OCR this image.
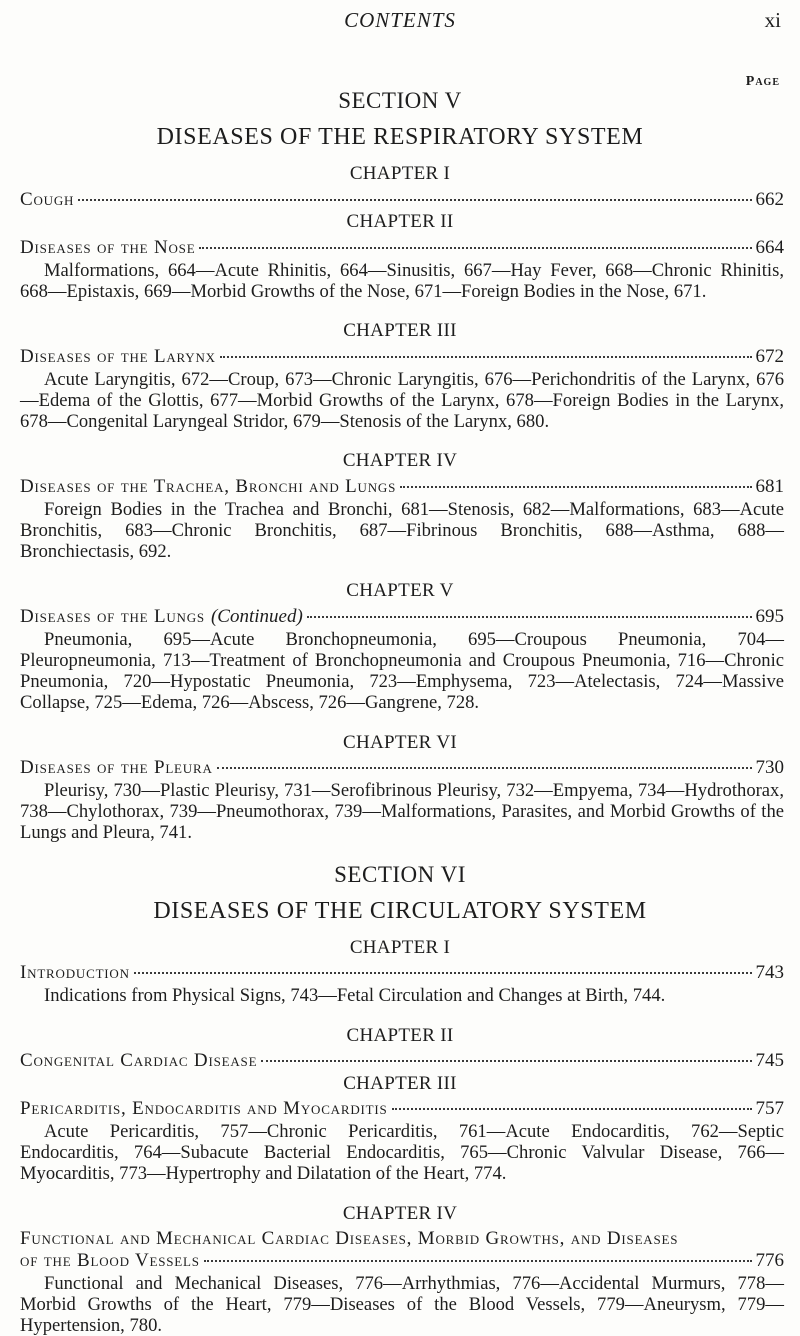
CONTENTS	xi
Page
SECTION V
DISEASES OF THE RESPIRATORY SYSTEM
CHAPTER I
Cough	662
CHAPTER II
Diseases of the Nose	664
Malformations, 664—Acute Rhinitis, 664—Sinusitis, 667—Hay Fever, 668—Chronic Rhinitis, 668—Epistaxis, 669—Morbid Growths of the Nose, 671—Foreign Bodies in the Nose, 671.
CHAPTER III
Diseases of the Larynx	672
Acute Laryngitis, 672—Croup, 673—Chronic Laryngitis, 676—Perichondritis of the Larynx, 676—Edema of the Glottis, 677—Morbid Growths of the Larynx, 678—Foreign Bodies in the Larynx, 678—Congenital Laryngeal Stridor, 679—Stenosis of the Larynx, 680.
CHAPTER IV
Diseases of the Trachea, Bronchi and Lungs	681
Foreign Bodies in the Trachea and Bronchi, 681—Stenosis, 682—Malformations, 683—Acute Bronchitis, 683—Chronic Bronchitis, 687—Fibrinous Bronchitis, 688—Asthma, 688—Bronchiectasis, 692.
CHAPTER V
Diseases of the Lungs (Continued)	695
Pneumonia, 695—Acute Bronchopneumonia, 695—Croupous Pneumonia, 704—Pleuropneumonia, 713—Treatment of Bronchopneumonia and Croupous Pneumonia, 716—Chronic Pneumonia, 720—Hypostatic Pneumonia, 723—Emphysema, 723—Atelectasis, 724—Massive Collapse, 725—Edema, 726—Abscess, 726—Gangrene, 728.
CHAPTER VI
Diseases of the Pleura	730
Pleurisy, 730—Plastic Pleurisy, 731—Serofibrinous Pleurisy, 732—Empyema, 734—Hydrothorax, 738—Chylothorax, 739—Pneumothorax, 739—Malformations, Parasites, and Morbid Growths of the Lungs and Pleura, 741.
SECTION VI
DISEASES OF THE CIRCULATORY SYSTEM
CHAPTER I
Introduction	743
Indications from Physical Signs, 743—Fetal Circulation and Changes at Birth, 744.
CHAPTER II
Congenital Cardiac Disease	745
CHAPTER III
Pericarditis, Endocarditis and Myocarditis	757
Acute Pericarditis, 757—Chronic Pericarditis, 761—Acute Endocarditis, 762—Septic Endocarditis, 764—Subacute Bacterial Endocarditis, 765—Chronic Valvular Disease, 766—Myocarditis, 773—Hypertrophy and Dilatation of the Heart, 774.
CHAPTER IV
Functional and Mechanical Cardiac Diseases, Morbid Growths, and Diseases
of the Blood Vessels	776
Functional and Mechanical Diseases, 776—Arrhythmias, 776—Accidental Murmurs, 778—Morbid Growths of the Heart, 779—Diseases of the Blood Vessels, 779—Aneurysm, 779—Hypertension, 780.
